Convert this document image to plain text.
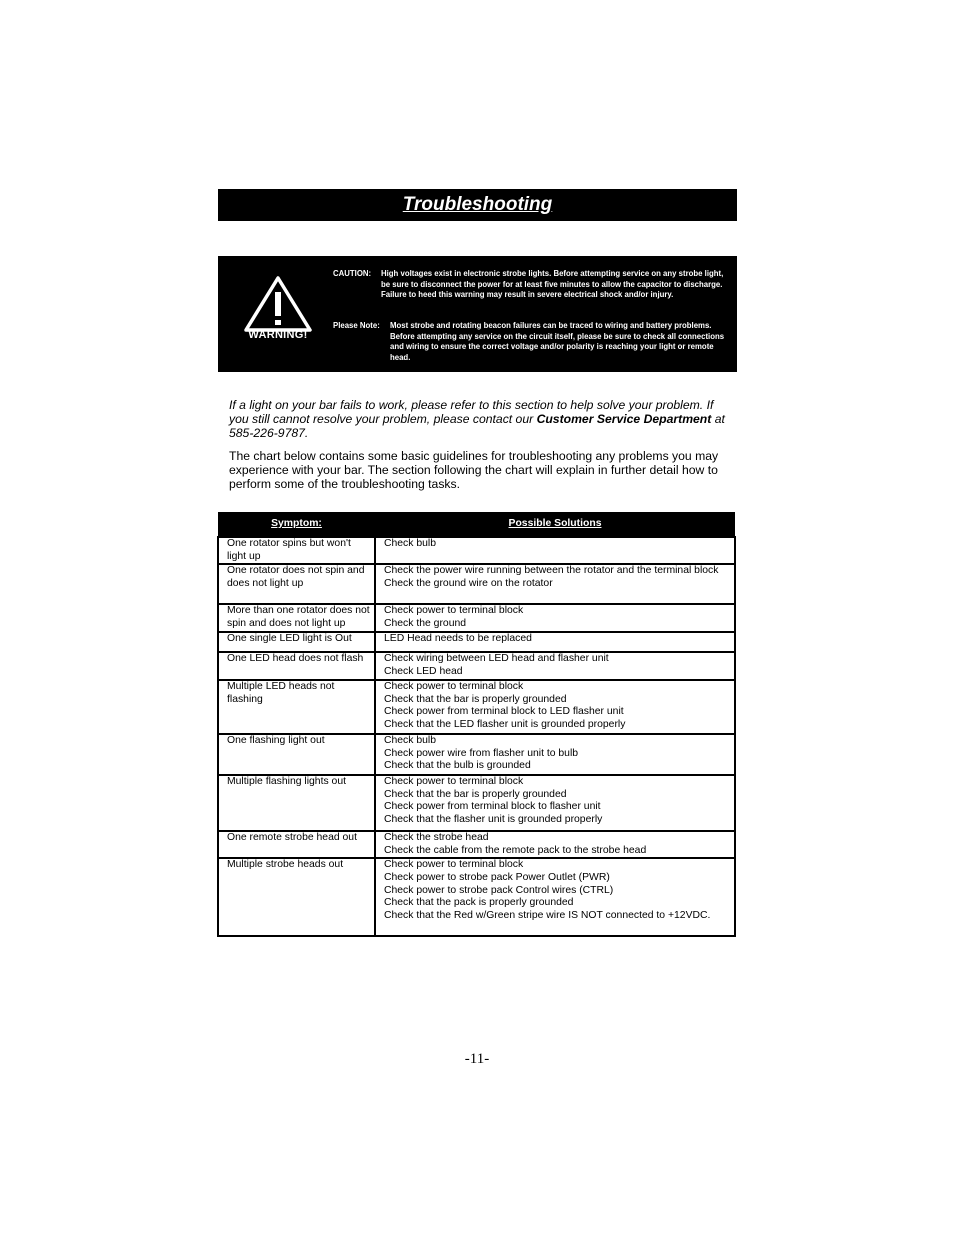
Troubleshooting
WARNING!
CAUTION: High voltages exist in electronic strobe lights. Before attempting service on any strobe light, be sure to disconnect the power for at least five minutes to allow the capacitor to discharge. Failure to heed this warning may result in severe electrical shock and/or injury.
Please Note: Most strobe and rotating beacon failures can be traced to wiring and battery problems. Before attempting any service on the circuit itself, please be sure to check all connections and wiring to ensure the correct voltage and/or polarity is reaching your light or remote head.
If a light on your bar fails to work, please refer to this section to help solve your problem. If you still cannot resolve your problem, please contact our Customer Service Department at 585-226-9787.
The chart below contains some basic guidelines for troubleshooting any problems you may experience with your bar. The section following the chart will explain in further detail how to perform some of the troubleshooting tasks.
Symptom:	Possible Solutions
One rotator spins but won't light up	Check bulb

One rotator does not spin and does not light up	Check the power wire running between the rotator and the terminal block
Check the ground wire on the rotator

More than one rotator does not spin and does not light up	Check power to terminal block
Check the ground

One single LED light is Out	LED Head needs to be replaced

One LED head does not flash	Check wiring between LED head and flasher unit
Check LED head

Multiple LED heads not flashing	Check power to terminal block
Check that the bar is properly grounded
Check power from terminal block to LED flasher unit
Check that the LED flasher unit is grounded properly

One flashing light out	Check bulb
Check power wire from flasher unit to bulb
Check that the bulb is grounded

Multiple flashing lights out	Check power to terminal block
Check that the bar is properly grounded
Check power from terminal block to flasher unit
Check that the flasher unit is grounded properly

One remote strobe head out	Check the strobe head
Check the cable from the remote pack to the strobe head

Multiple strobe heads out	Check power to terminal block
Check power to strobe pack Power Outlet (PWR)
Check power to strobe pack Control wires (CTRL)
Check that the pack is properly grounded
Check that the Red w/Green stripe wire IS NOT connected to +12VDC.
-11-
